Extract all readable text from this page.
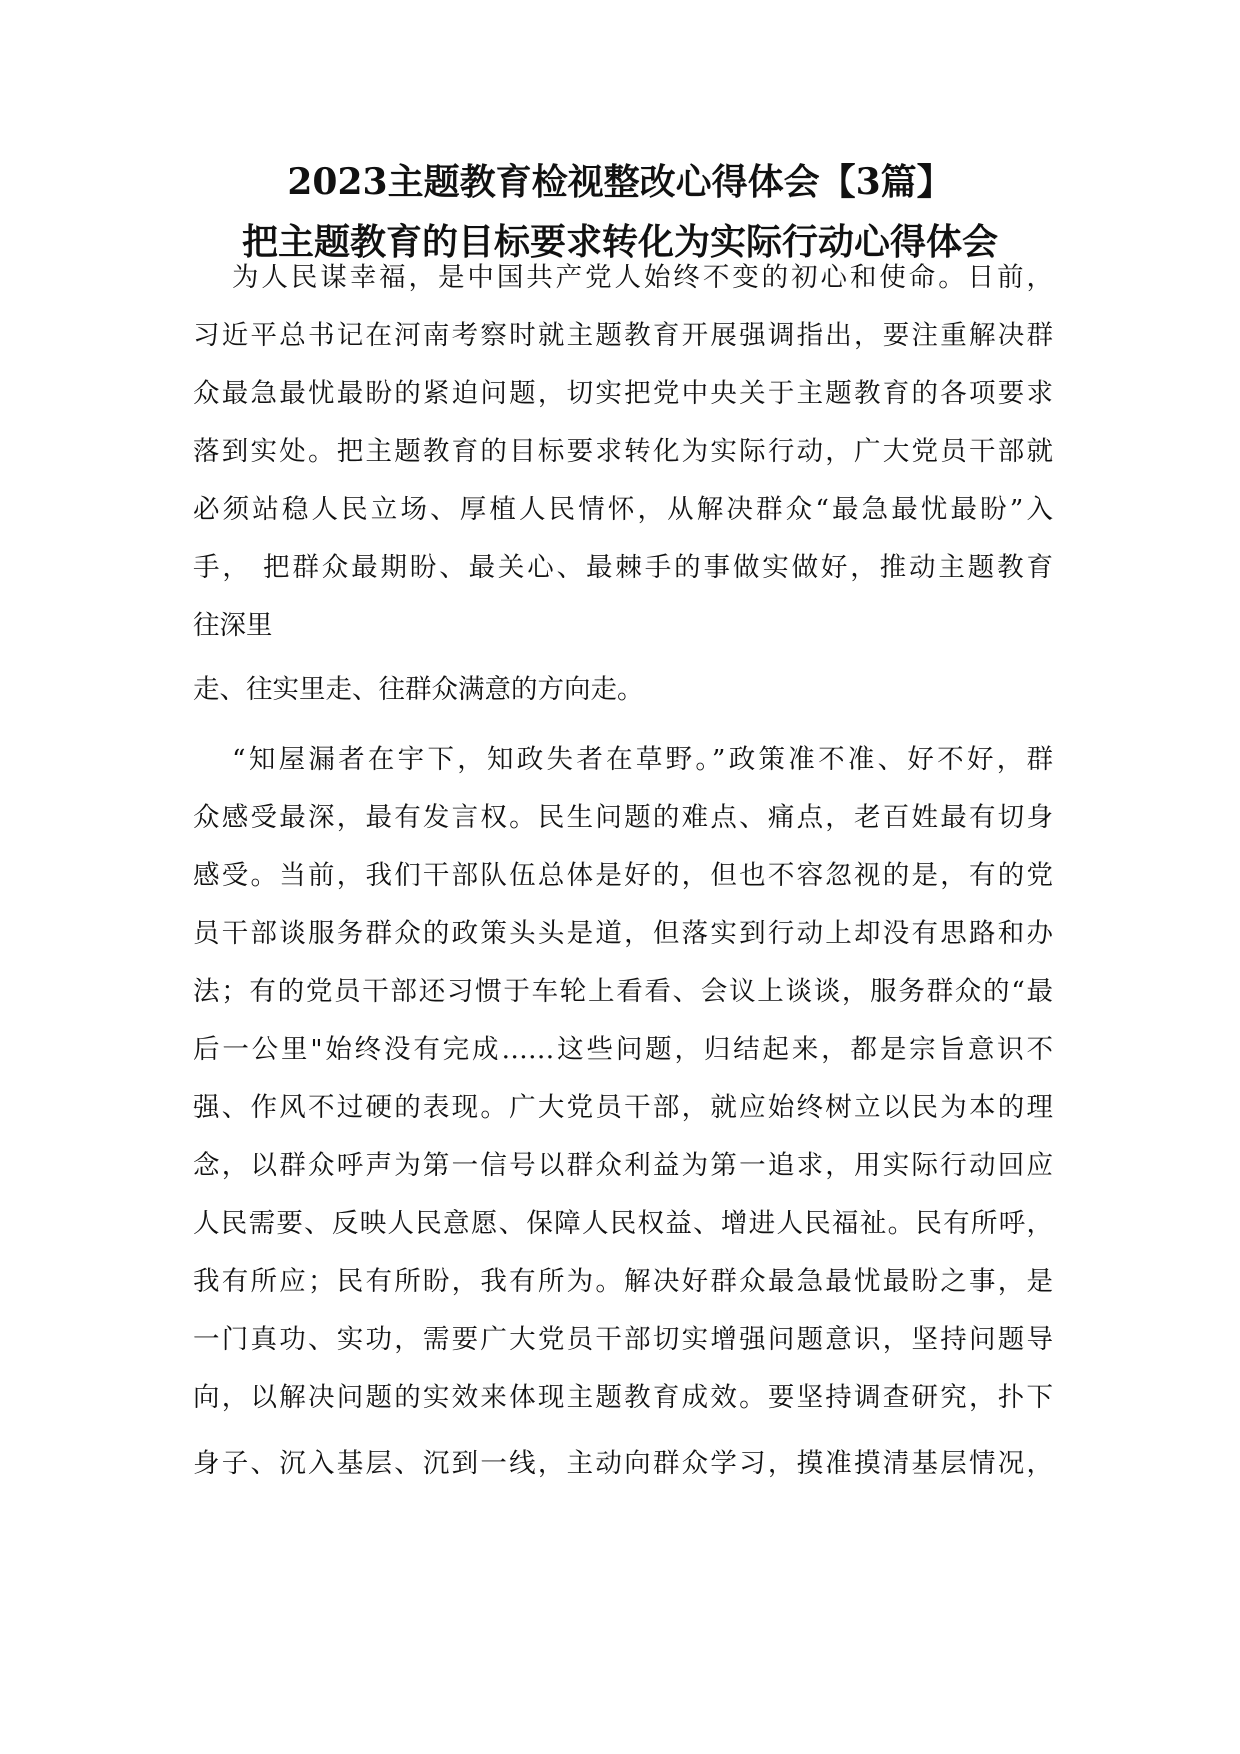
2023主题教育检视整改心得体会【3篇】
把主题教育的目标要求转化为实际行动心得体会

为人民谋幸福，是中国共产党人始终不变的初心和使命。日前，

习近平总书记在河南考察时就主题教育开展强调指出，要注重解决群

众最急最忧最盼的紧迫问题，切实把党中央关于主题教育的各项要求

落到实处。把主题教育的目标要求转化为实际行动，广大党员干部就

必须站稳人民立场、厚植人民情怀，从解决群众“最急最忧最盼”入

手， 把群众最期盼、最关心、最棘手的事做实做好，推动主题教育

往深里

走、往实里走、往群众满意的方向走。

“知屋漏者在宇下，知政失者在草野。”政策准不准、好不好，群

众感受最深，最有发言权。民生问题的难点、痛点，老百姓最有切身

感受。当前，我们干部队伍总体是好的，但也不容忽视的是，有的党

员干部谈服务群众的政策头头是道，但落实到行动上却没有思路和办

法；有的党员干部还习惯于车轮上看看、会议上谈谈，服务群众的“最

后一公里"始终没有完成……这些问题，归结起来，都是宗旨意识不

强、作风不过硬的表现。广大党员干部，就应始终树立以民为本的理

念，以群众呼声为第一信号以群众利益为第一追求，用实际行动回应

人民需要、反映人民意愿、保障人民权益、增进人民福祉。民有所呼，

我有所应；民有所盼，我有所为。解决好群众最急最忧最盼之事，是

一门真功、实功，需要广大党员干部切实增强问题意识，坚持问题导

向，以解决问题的实效来体现主题教育成效。要坚持调查研究，扑下

身子、沉入基层、沉到一线，主动向群众学习，摸准摸清基层情况，
